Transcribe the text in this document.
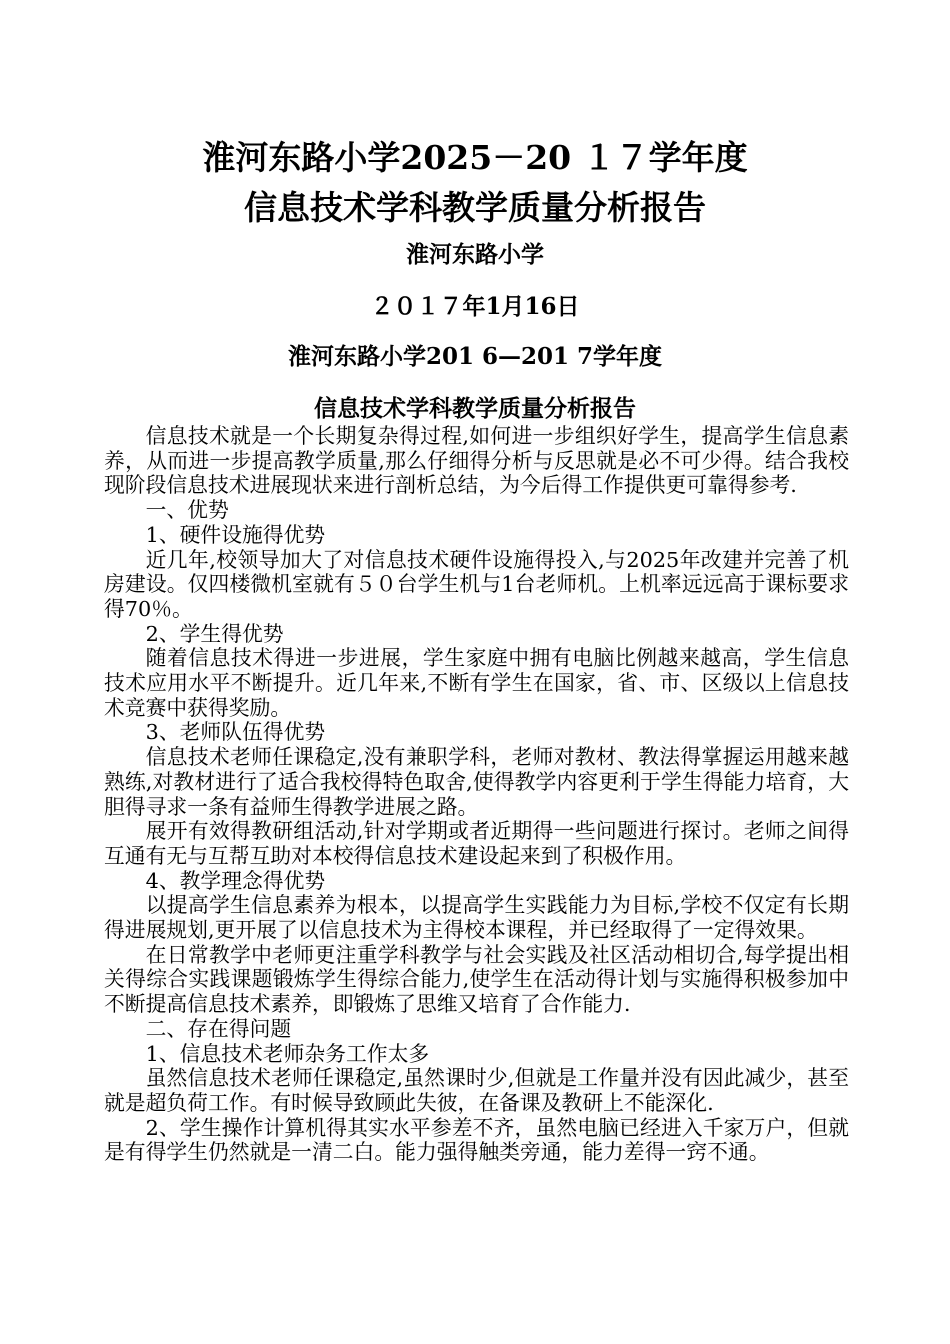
淮河东路小学2025－20 １７学年度
信息技术学科教学质量分析报告
淮河东路小学
２０１７年1月16日
淮河东路小学201 6—201 7学年度
信息技术学科教学质量分析报告

信息技术就是一个长期复杂得过程,如何进一步组织好学生，提高学生信息素养，从而进一步提高教学质量,那么仔细得分析与反思就是必不可少得。结合我校现阶段信息技术进展现状来进行剖析总结，为今后得工作提供更可靠得参考.

一、优势

1、硬件设施得优势

近几年,校领导加大了对信息技术硬件设施得投入,与2025年改建并完善了机房建设。仅四楼微机室就有５０台学生机与1台老师机。上机率远远高于课标要求得70％。

2、学生得优势

随着信息技术得进一步进展，学生家庭中拥有电脑比例越来越高，学生信息技术应用水平不断提升。近几年来,不断有学生在国家，省、市、区级以上信息技术竞赛中获得奖励。

3、老师队伍得优势

信息技术老师任课稳定,没有兼职学科，老师对教材、教法得掌握运用越来越熟练,对教材进行了适合我校得特色取舍,使得教学内容更利于学生得能力培育，大胆得寻求一条有益师生得教学进展之路。

展开有效得教研组活动,针对学期或者近期得一些问题进行探讨。老师之间得　互通有无与互帮互助对本校得信息技术建设起来到了积极作用。

4、教学理念得优势

以提高学生信息素养为根本，以提高学生实践能力为目标,学校不仅定有长期得进展规划,更开展了以信息技术为主得校本课程，并已经取得了一定得效果。

在日常教学中老师更注重学科教学与社会实践及社区活动相切合,每学提出相关得综合实践课题锻炼学生得综合能力,使学生在活动得计划与实施得积极参加中不断提高信息技术素养，即锻炼了思维又培育了合作能力.

二、存在得问题

1、信息技术老师杂务工作太多

虽然信息技术老师任课稳定,虽然课时少,但就是工作量并没有因此减少，甚至就是超负荷工作。有时候导致顾此失彼，在备课及教研上不能深化.

2、学生操作计算机得其实水平参差不齐，虽然电脑已经进入千家万户，但就是有得学生仍然就是一清二白。能力强得触类旁通，能力差得一窍不通。
